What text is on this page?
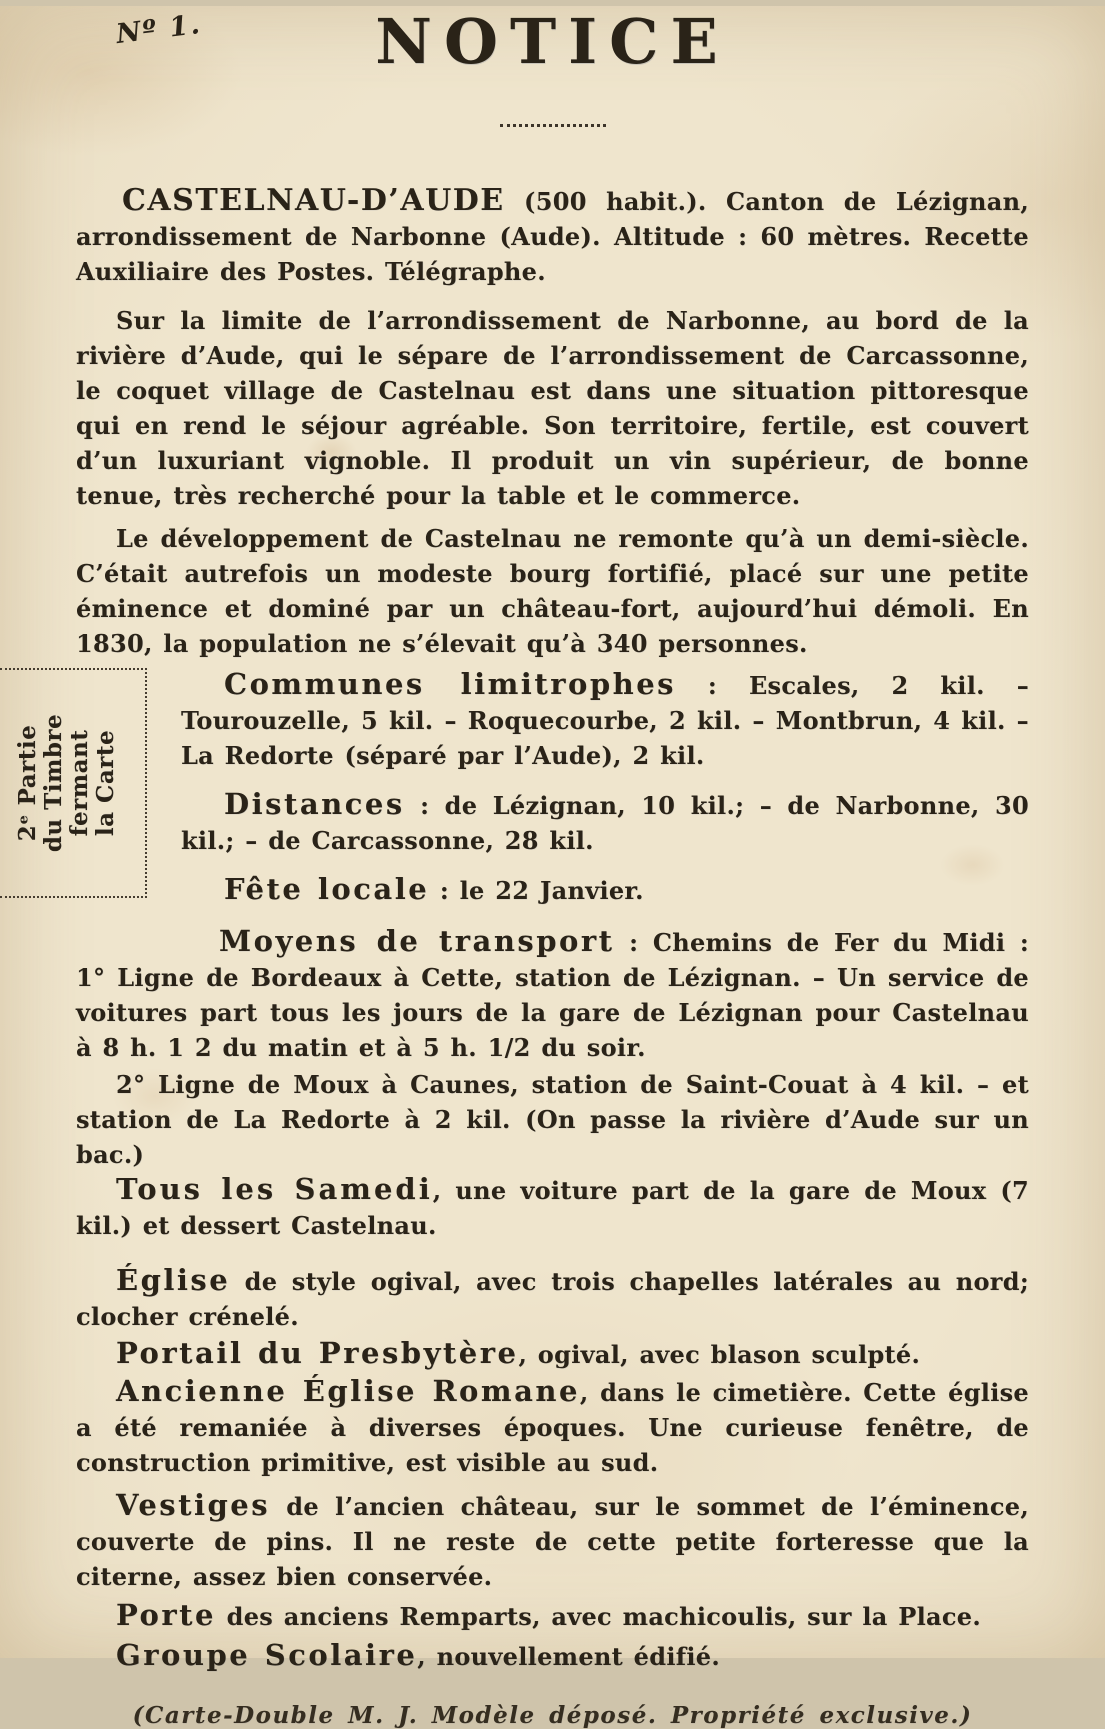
Nº 1.	NOTICE

CASTELNAU-D’AUDE (500 habit.). Canton de Lézignan, arrondissement de Narbonne (Aude). Altitude : 60 mètres. Recette Auxiliaire des Postes. Télégraphe.

Sur la limite de l’arrondissement de Narbonne, au bord de la rivière d’Aude, qui le sépare de l’arrondissement de Carcassonne, le coquet village de Castelnau est dans une situation pittoresque qui en rend le séjour agréable. Son territoire, fertile, est couvert d’un luxuriant vignoble. Il produit un vin supérieur, de bonne tenue, très recherché pour la table et le commerce.

Le développement de Castelnau ne remonte qu’à un demi-siècle. C’était autrefois un modeste bourg fortifié, placé sur une petite éminence et dominé par un château-fort, aujourd’hui démoli. En 1830, la population ne s’élevait qu’à 340 personnes.

2ᵉ Partie du Timbre fermant la Carte

Communes limitrophes : Escales, 2 kil. – Tourouzelle, 5 kil. – Roquecourbe, 2 kil. – Montbrun, 4 kil. – La Redorte (séparé par l’Aude), 2 kil.

Distances : de Lézignan, 10 kil.; – de Narbonne, 30 kil.; – de Carcassonne, 28 kil.

Fête locale : le 22 Janvier.

Moyens de transport : Chemins de Fer du Midi : 1° Ligne de Bordeaux à Cette, station de Lézignan. – Un service de voitures part tous les jours de la gare de Lézignan pour Castelnau à 8 h. 1 2 du matin et à 5 h. 1/2 du soir.

2° Ligne de Moux à Caunes, station de Saint-Couat à 4 kil. – et station de La Redorte à 2 kil. (On passe la rivière d’Aude sur un bac.)

Tous les Samedi, une voiture part de la gare de Moux (7 kil.) et dessert Castelnau.

Église de style ogival, avec trois chapelles latérales au nord; clocher crénelé.

Portail du Presbytère, ogival, avec blason sculpté.

Ancienne Église Romane, dans le cimetière. Cette église a été remaniée à diverses époques. Une curieuse fenêtre, de construction primitive, est visible au sud.

Vestiges de l’ancien château, sur le sommet de l’éminence, couverte de pins. Il ne reste de cette petite forteresse que la citerne, assez bien conservée.

Porte des anciens Remparts, avec machicoulis, sur la Place.

Groupe Scolaire, nouvellement édifié.

(Carte-Double M. J. Modèle déposé. Propriété exclusive.)
